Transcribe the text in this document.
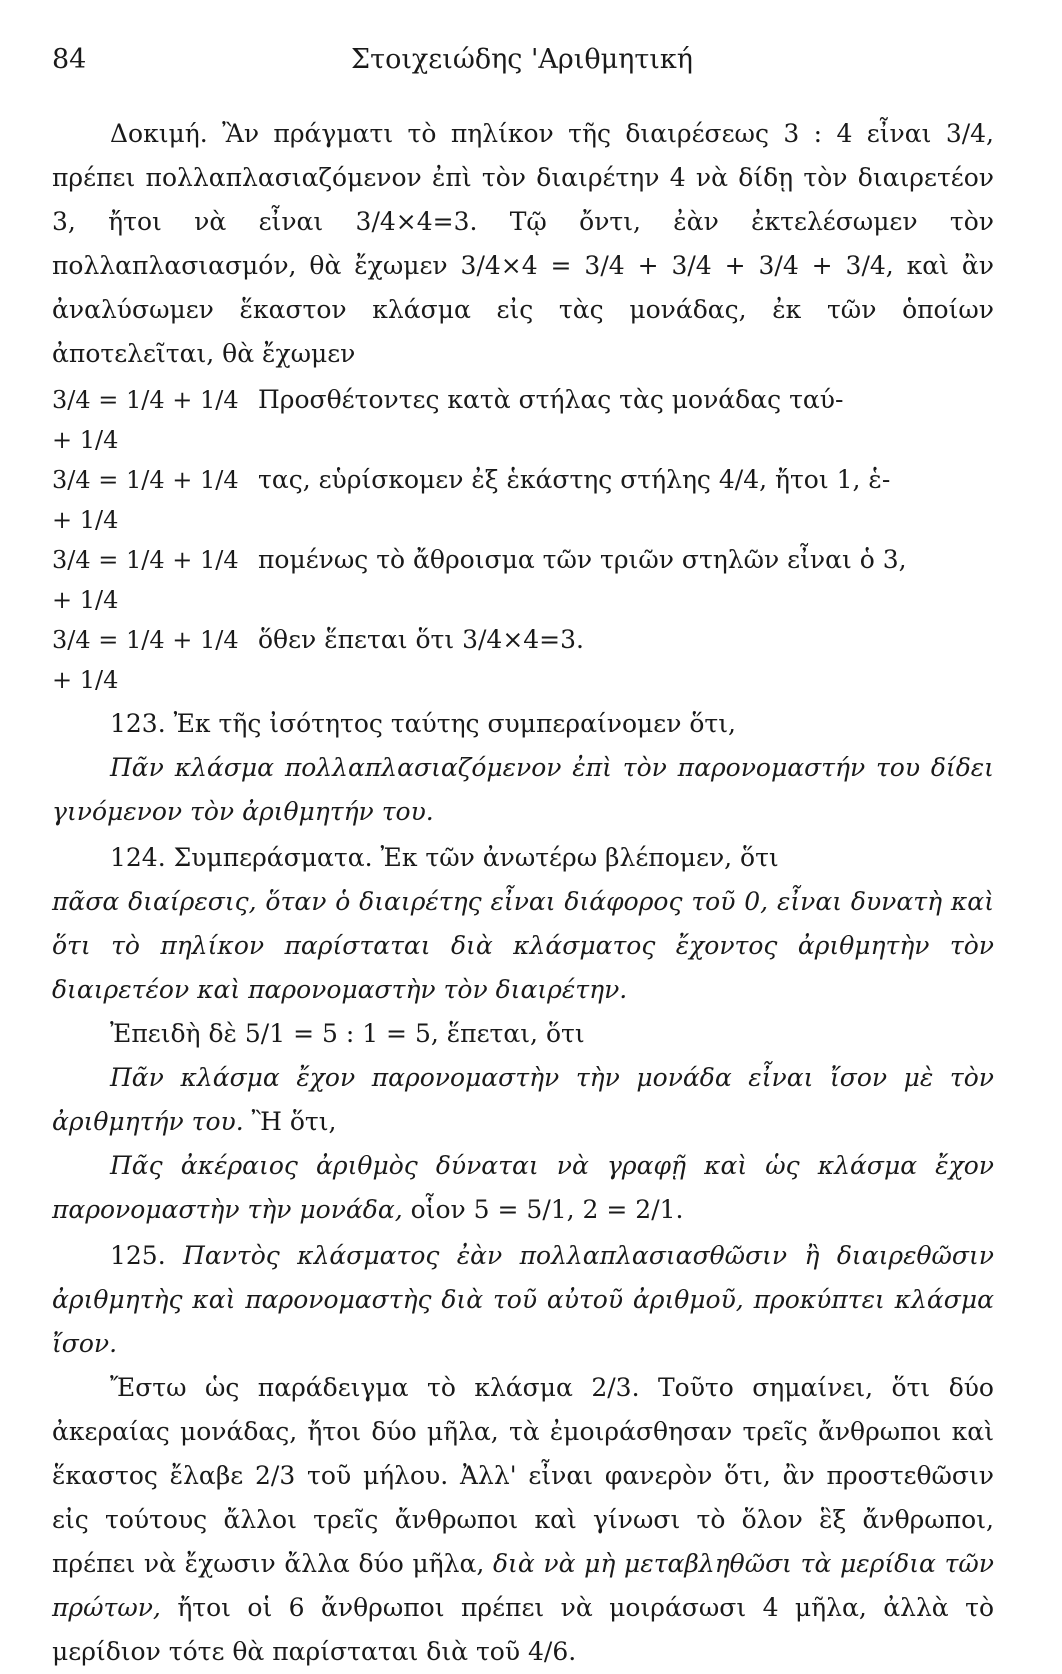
84	Στοιχειώδης 'Αριθμητική

Δοκιμή. Ἂν πράγματι τὸ πηλίκον τῆς διαιρέσεως 3 : 4 εἶναι 3/4, πρέπει πολλαπλασιαζόμενον ἐπὶ τὸν διαιρέτην 4 νὰ δίδῃ τὸν διαιρετέον 3, ἤτοι νὰ εἶναι 3/4×4=3. Τῷ ὄντι, ἐὰν ἐκτελέσωμεν τὸν πολλαπλασιασμόν, θὰ ἔχωμεν 3/4×4 = 3/4 + 3/4 + 3/4 + 3/4, καὶ ἂν ἀναλύσωμεν ἕκαστον κλάσμα εἰς τὰς μονάδας, ἐκ τῶν ὁποίων ἀποτελεῖται, θὰ ἔχωμεν

3/4 = 1/4 + 1/4 + 1/4
Προσθέτοντες κατὰ στήλας τὰς μονάδας ταύ-
3/4 = 1/4 + 1/4 + 1/4
τας, εὑρίσκομεν ἐξ ἑκάστης στήλης 4/4, ἤτοι 1, ἑ-
3/4 = 1/4 + 1/4 + 1/4
πομένως τὸ ἄθροισμα τῶν τριῶν στηλῶν εἶναι ὁ 3,
3/4 = 1/4 + 1/4 + 1/4
ὅθεν ἕπεται ὅτι 3/4×4=3.

123. Ἐκ τῆς ἰσότητος ταύτης συμπεραίνομεν ὅτι,

Πᾶν κλάσμα πολλαπλασιαζόμενον ἐπὶ τὸν παρονομαστήν του δίδει γινόμενον τὸν ἀριθμητήν του.

124. Συμπεράσματα. Ἐκ τῶν ἀνωτέρω βλέπομεν, ὅτι

πᾶσα διαίρεσις, ὅταν ὁ διαιρέτης εἶναι διάφορος τοῦ 0, εἶναι δυνατὴ καὶ ὅτι τὸ πηλίκον παρίσταται διὰ κλάσματος ἔχοντος ἀριθμητὴν τὸν διαιρετέον καὶ παρονομαστὴν τὸν διαιρέτην.

Ἐπειδὴ δὲ 5/1 = 5 : 1 = 5, ἕπεται, ὅτι

Πᾶν κλάσμα ἔχον παρονομαστὴν τὴν μονάδα εἶναι ἴσον μὲ τὸν ἀριθμητήν του. Ἢ ὅτι,

Πᾶς ἀκέραιος ἀριθμὸς δύναται νὰ γραφῇ καὶ ὡς κλάσμα ἔχον παρονομαστὴν τὴν μονάδα, οἷον 5 = 5/1, 2 = 2/1.

125. Παντὸς κλάσματος ἐὰν πολλαπλασιασθῶσιν ἢ διαιρεθῶσιν ἀριθμητὴς καὶ παρονομαστὴς διὰ τοῦ αὐτοῦ ἀριθμοῦ, προκύπτει κλάσμα ἴσον.

Ἔστω ὡς παράδειγμα τὸ κλάσμα 2/3. Τοῦτο σημαίνει, ὅτι δύο ἀκεραίας μονάδας, ἤτοι δύο μῆλα, τὰ ἐμοιράσθησαν τρεῖς ἄνθρωποι καὶ ἕκαστος ἔλαβε 2/3 τοῦ μήλου. Ἀλλ' εἶναι φανερὸν ὅτι, ἂν προστεθῶσιν εἰς τούτους ἄλλοι τρεῖς ἄνθρωποι καὶ γίνωσι τὸ ὅλον ἓξ ἄνθρωποι, πρέπει νὰ ἔχωσιν ἄλλα δύο μῆλα, διὰ νὰ μὴ μεταβληθῶσι τὰ μερίδια τῶν πρώτων, ἤτοι οἱ 6 ἄνθρωποι πρέπει νὰ μοιράσωσι 4 μῆλα, ἀλλὰ τὸ μερίδιον τότε θὰ παρίσταται διὰ τοῦ 4/6.
